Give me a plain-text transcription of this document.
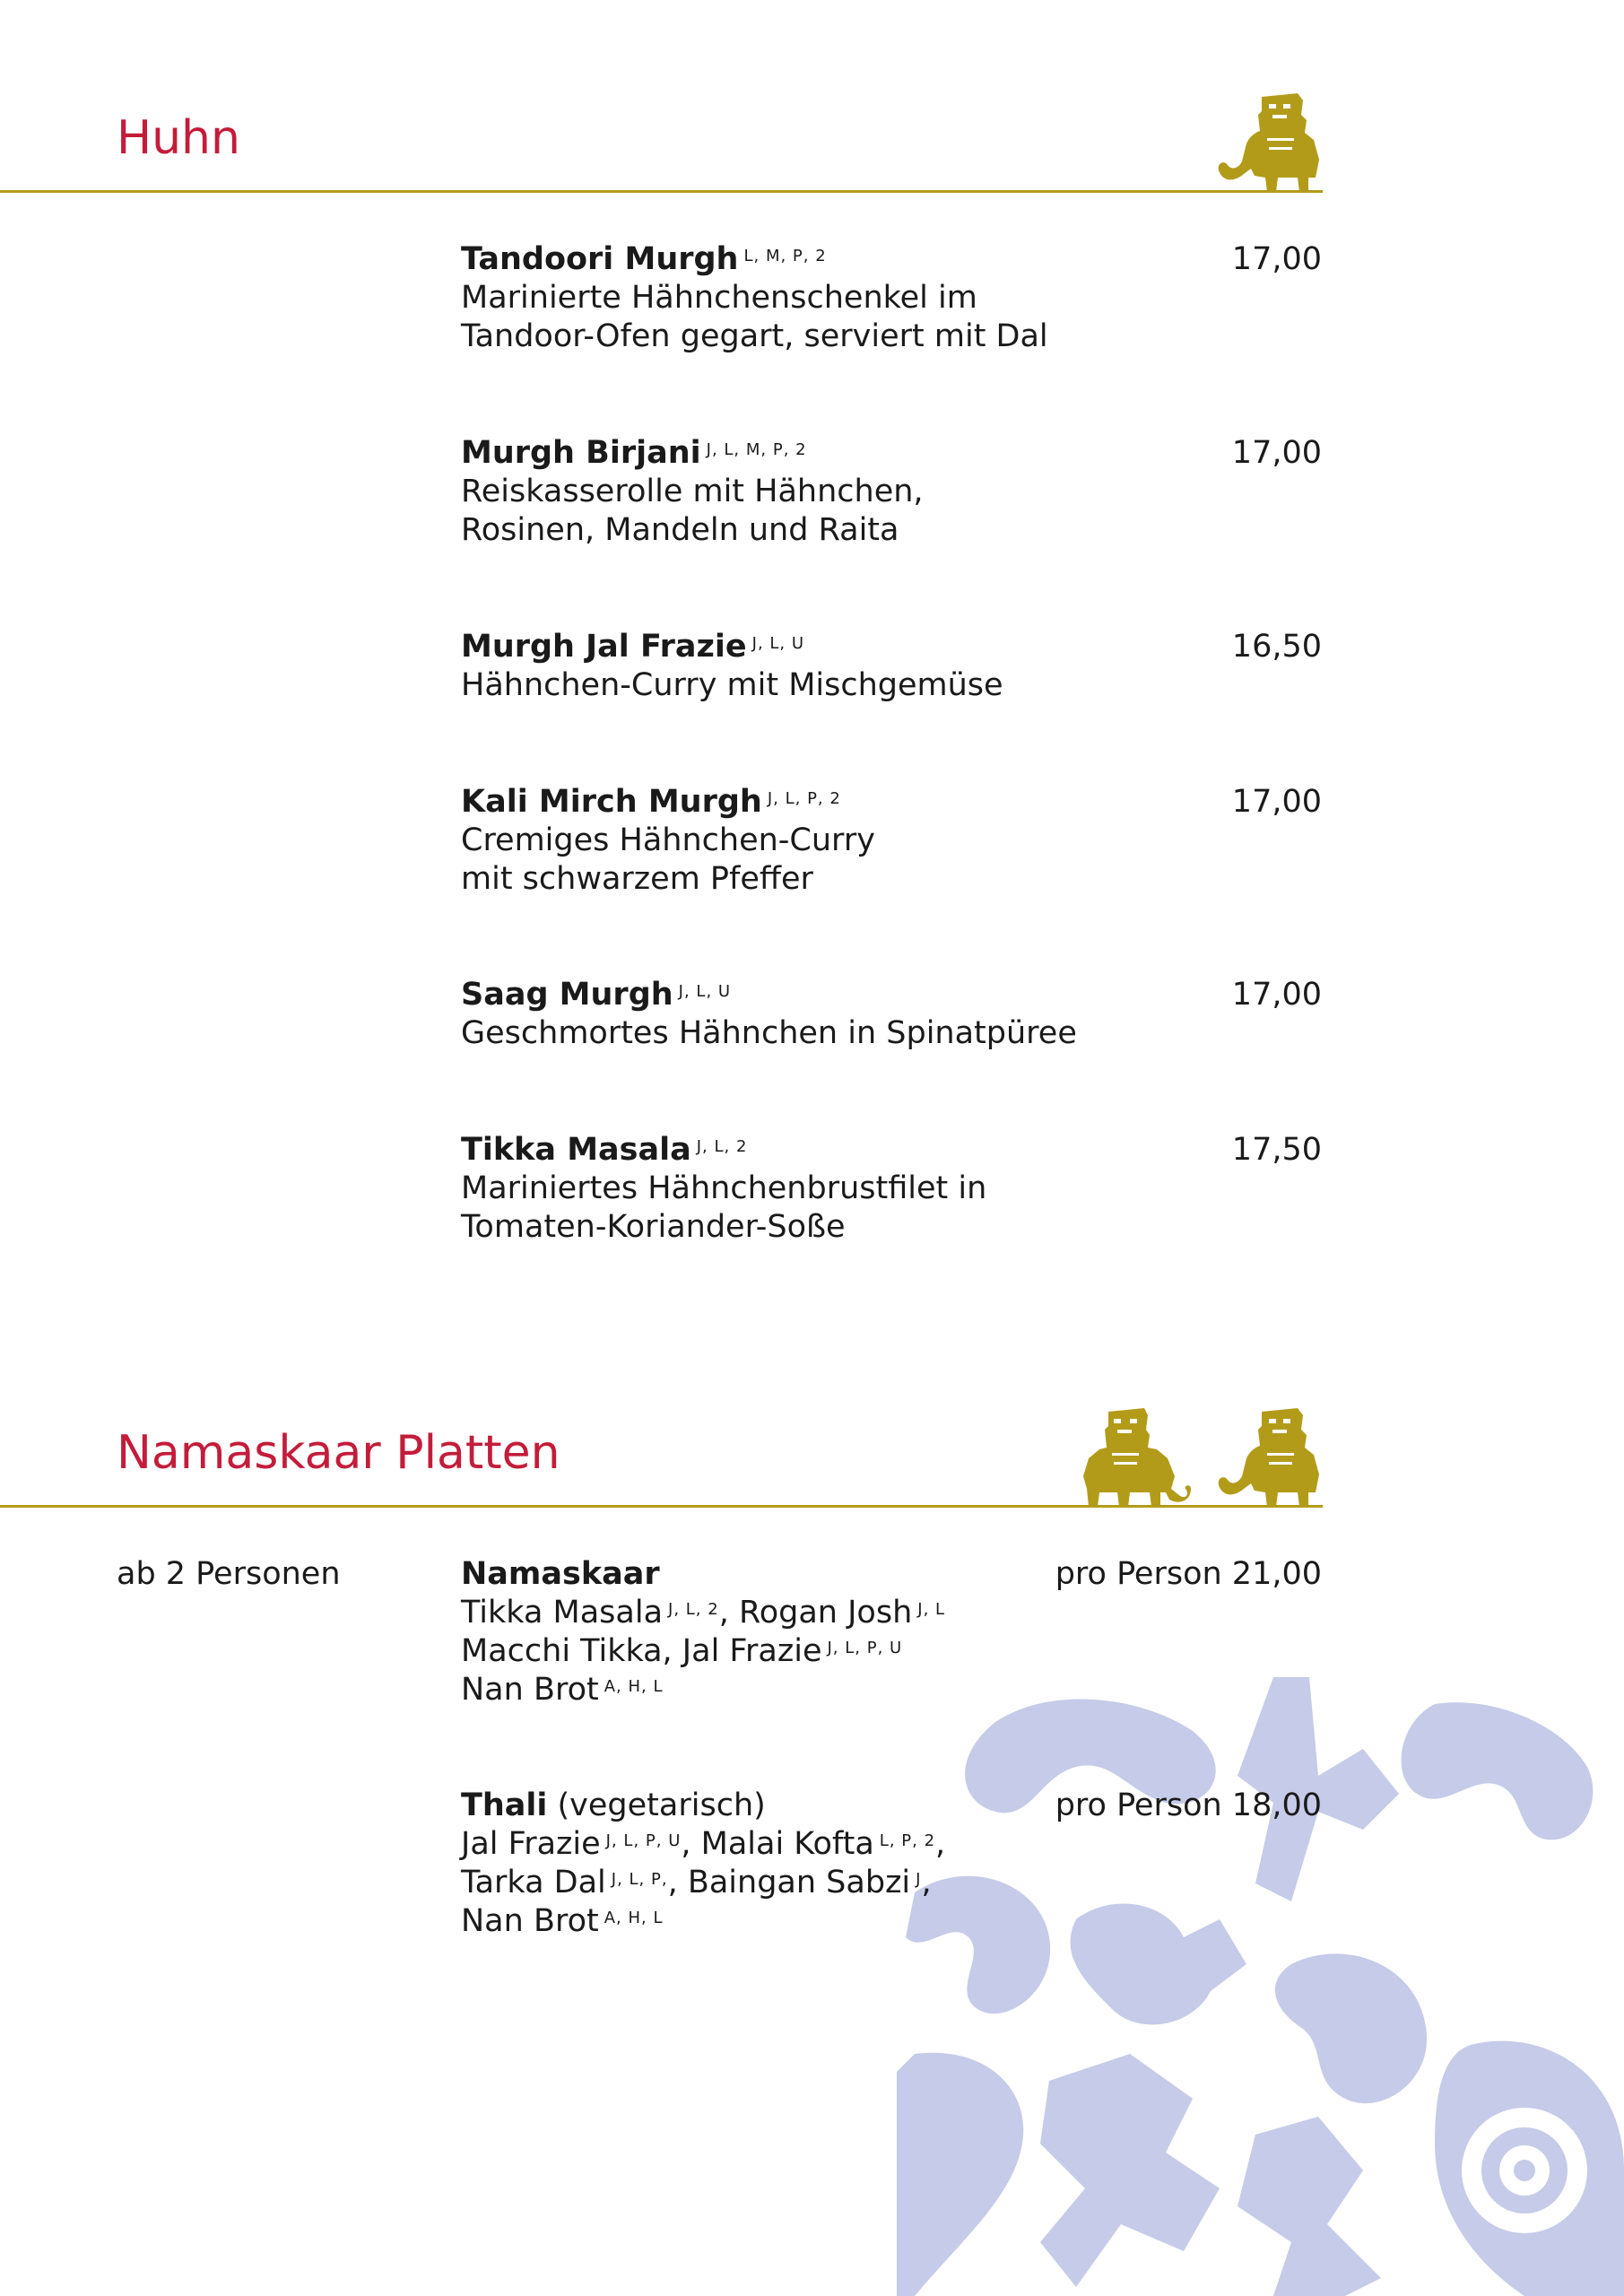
Huhn
Tandoori Murgh $^{L, M, P, 2}$
Marinierte Hähnchenschenkel im
Tandoor-Ofen gegart, serviert mit Dal
17,00
Murgh Birjani $^{J, L, M, P, 2}$
Reiskasserolle mit Hähnchen,
Rosinen, Mandeln und Raita
17,00
Murgh Jal Frazie $^{J, L, U}$
Hähnchen-Curry mit Mischgemüse
16,50
Kali Mirch Murgh $^{J, L, P, 2}$
Cremiges Hähnchen-Curry
mit schwarzem Pfeffer
17,00
Saag Murgh $^{J, L, U}$
Geschmortes Hähnchen in Spinatpüree
17,00
Tikka Masala $^{J, L, 2}$
Mariniertes Hähnchenbrustfilet in
Tomaten-Koriander-Soße
17,50
Namaskaar Platten
ab 2 Personen	Namaskaar
Tikka Masala $^{J, L, 2}$, Rogan Josh $^{J, L}$
Macchi Tikka, Jal Frazie $^{J, L, P, U}$
Nan Brot $^{A, H, L}$
pro Person 21,00
Thali (vegetarisch)
Jal Frazie $^{J, L, P, U}$, Malai Kofta $^{L, P, 2}$,
Tarka Dal $^{J, L, P,}$, Baingan Sabzi $^J$,
Nan Brot $^{A, H, L}$
pro Person 18,00
